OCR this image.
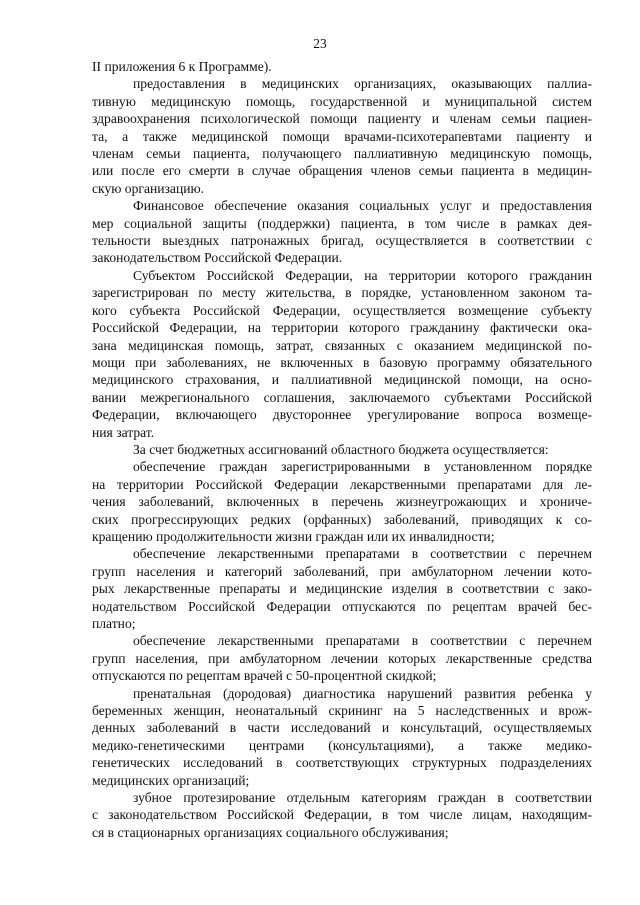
23
II приложения 6 к Программе).
предоставления в медицинских организациях, оказывающих паллиа-
тивную медицинскую помощь, государственной и муниципальной систем
здравоохранения психологической помощи пациенту и членам семьи пациен-
та, а также медицинской помощи врачами-психотерапевтами пациенту и
членам семьи пациента, получающего паллиативную медицинскую помощь,
или после его смерти в случае обращения членов семьи пациента в медицин-
скую организацию.
Финансовое обеспечение оказания социальных услуг и предоставления
мер социальной защиты (поддержки) пациента, в том числе в рамках дея-
тельности выездных патронажных бригад, осуществляется в соответствии с
законодательством Российской Федерации.
Субъектом Российской Федерации, на территории которого гражданин
зарегистрирован по месту жительства, в порядке, установленном законом та-
кого субъекта Российской Федерации, осуществляется возмещение субъекту
Российской Федерации, на территории которого гражданину фактически ока-
зана медицинская помощь, затрат, связанных с оказанием медицинской по-
мощи при заболеваниях, не включенных в базовую программу обязательного
медицинского страхования, и паллиативной медицинской помощи, на осно-
вании межрегионального соглашения, заключаемого субъектами Российской
Федерации, включающего двустороннее урегулирование вопроса возмеще-
ния затрат.
За счет бюджетных ассигнований областного бюджета осуществляется:
обеспечение граждан зарегистрированными в установленном порядке
на территории Российской Федерации лекарственными препаратами для ле-
чения заболеваний, включенных в перечень жизнеугрожающих и хрониче-
ских прогрессирующих редких (орфанных) заболеваний, приводящих к со-
кращению продолжительности жизни граждан или их инвалидности;
обеспечение лекарственными препаратами в соответствии с перечнем
групп населения и категорий заболеваний, при амбулаторном лечении кото-
рых лекарственные препараты и медицинские изделия в соответствии с зако-
нодательством Российской Федерации отпускаются по рецептам врачей бес-
платно;
обеспечение лекарственными препаратами в соответствии с перечнем
групп населения, при амбулаторном лечении которых лекарственные средства
отпускаются по рецептам врачей с 50-процентной скидкой;
пренатальная (дородовая) диагностика нарушений развития ребенка у
беременных женщин, неонатальный скрининг на 5 наследственных и врож-
денных заболеваний в части исследований и консультаций, осуществляемых
медико-генетическими центрами (консультациями), а также медико-
генетических исследований в соответствующих структурных подразделениях
медицинских организаций;
зубное протезирование отдельным категориям граждан в соответствии
с законодательством Российской Федерации, в том числе лицам, находящим-
ся в стационарных организациях социального обслуживания;
